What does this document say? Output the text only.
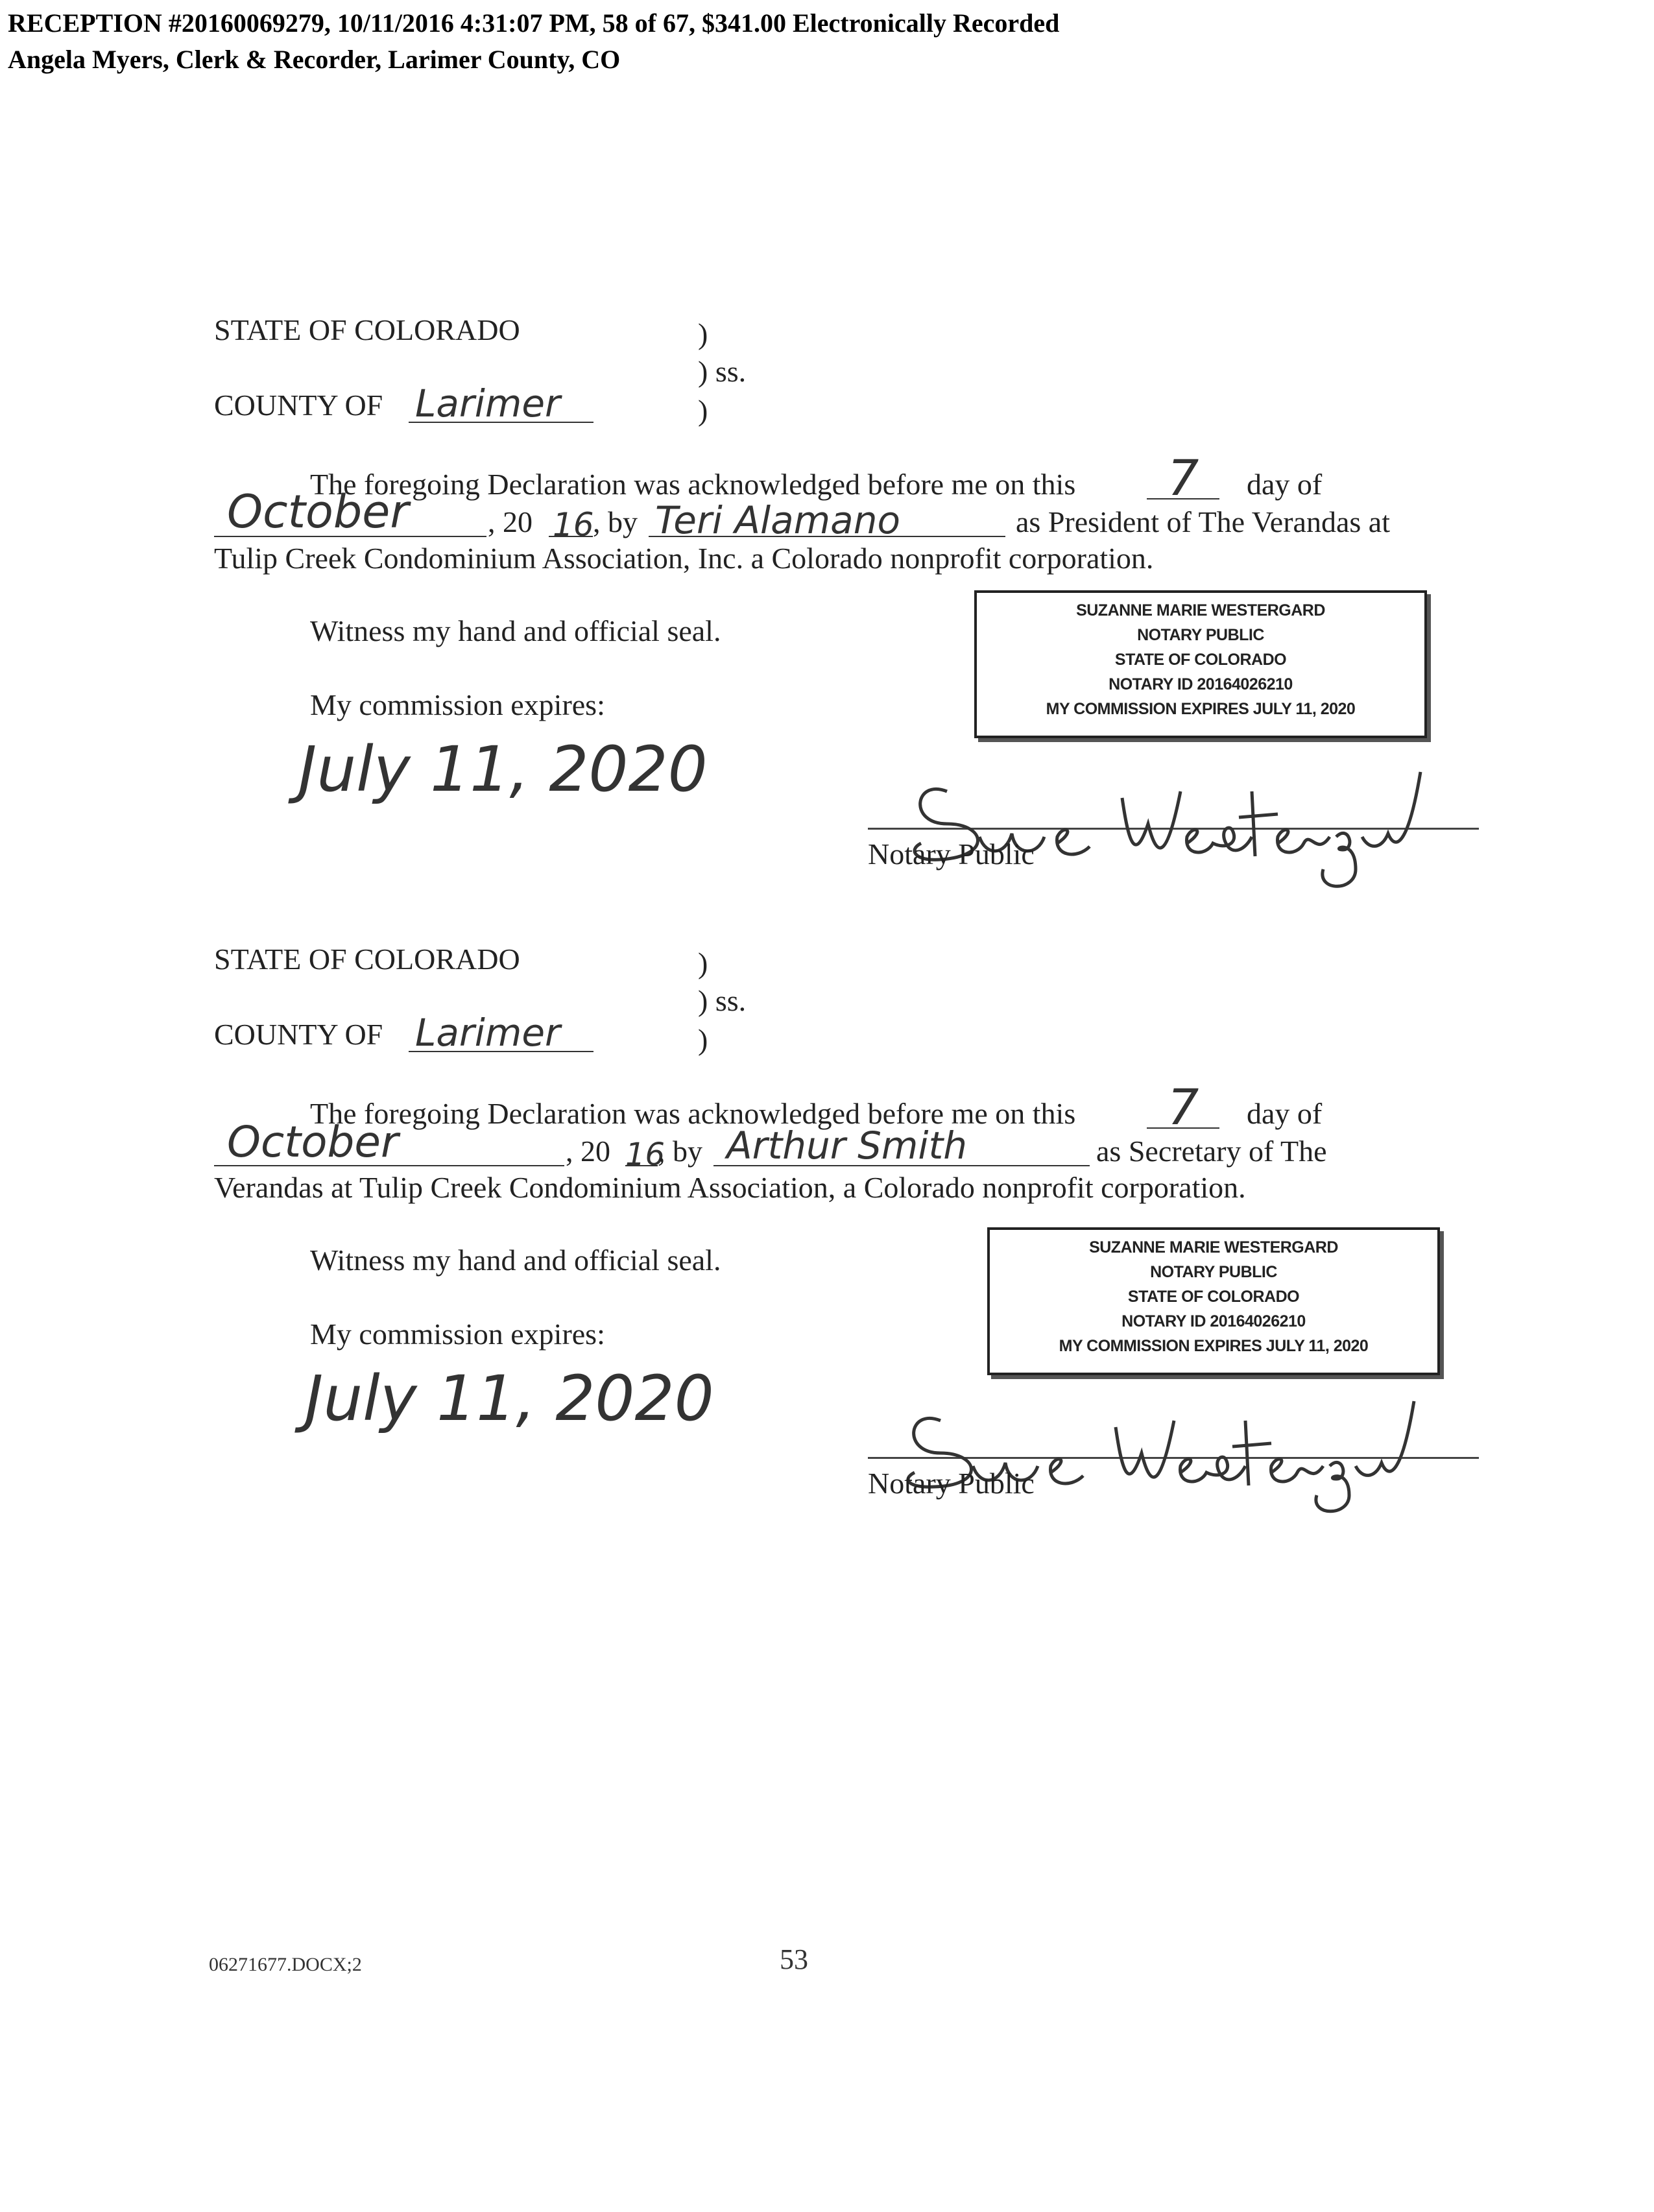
RECEPTION #20160069279, 10/11/2016 4:31:07 PM, 58 of 67, $341.00 Electronically Recorded
Angela Myers, Clerk & Recorder, Larimer County, CO
STATE OF COLORADO	)
) ss.
)
COUNTY OF Larimer
The foregoing Declaration was acknowledged before me on this 7 day of
October	, 20 16
, by Teri Alamano	as President of The Verandas at
Tulip Creek Condominium Association, Inc. a Colorado nonprofit corporation.
Witness my hand and official seal.
My commission expires:
July 11, 2020
SUZANNE MARIE WESTERGARD
NOTARY PUBLIC
STATE OF COLORADO
NOTARY ID 20164026210
MY COMMISSION EXPIRES JULY 11, 2020
Notary Public
STATE OF COLORADO	)
) ss.
)
COUNTY OF Larimer
The foregoing Declaration was acknowledged before me on this 7 day of
October	, 20 16
, by Arthur Smith	as Secretary of The
Verandas at Tulip Creek Condominium Association, a Colorado nonprofit corporation.
Witness my hand and official seal.
My commission expires:
July 11, 2020
SUZANNE MARIE WESTERGARD
NOTARY PUBLIC
STATE OF COLORADO
NOTARY ID 20164026210
MY COMMISSION EXPIRES JULY 11, 2020
Notary Public
06271677.DOCX;2	53
